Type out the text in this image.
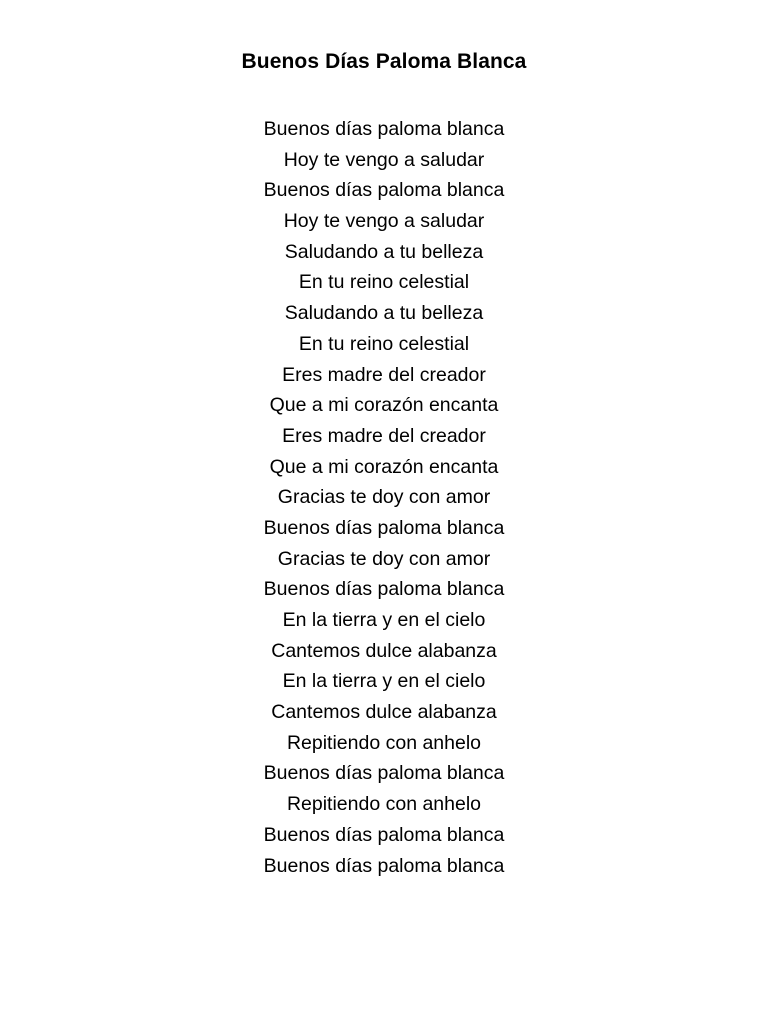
Buenos Días Paloma Blanca
Buenos días paloma blanca
Hoy te vengo a saludar
Buenos días paloma blanca
Hoy te vengo a saludar
Saludando a tu belleza
En tu reino celestial
Saludando a tu belleza
En tu reino celestial
Eres madre del creador
Que a mi corazón encanta
Eres madre del creador
Que a mi corazón encanta
Gracias te doy con amor
Buenos días paloma blanca
Gracias te doy con amor
Buenos días paloma blanca
En la tierra y en el cielo
Cantemos dulce alabanza
En la tierra y en el cielo
Cantemos dulce alabanza
Repitiendo con anhelo
Buenos días paloma blanca
Repitiendo con anhelo
Buenos días paloma blanca
Buenos días paloma blanca
